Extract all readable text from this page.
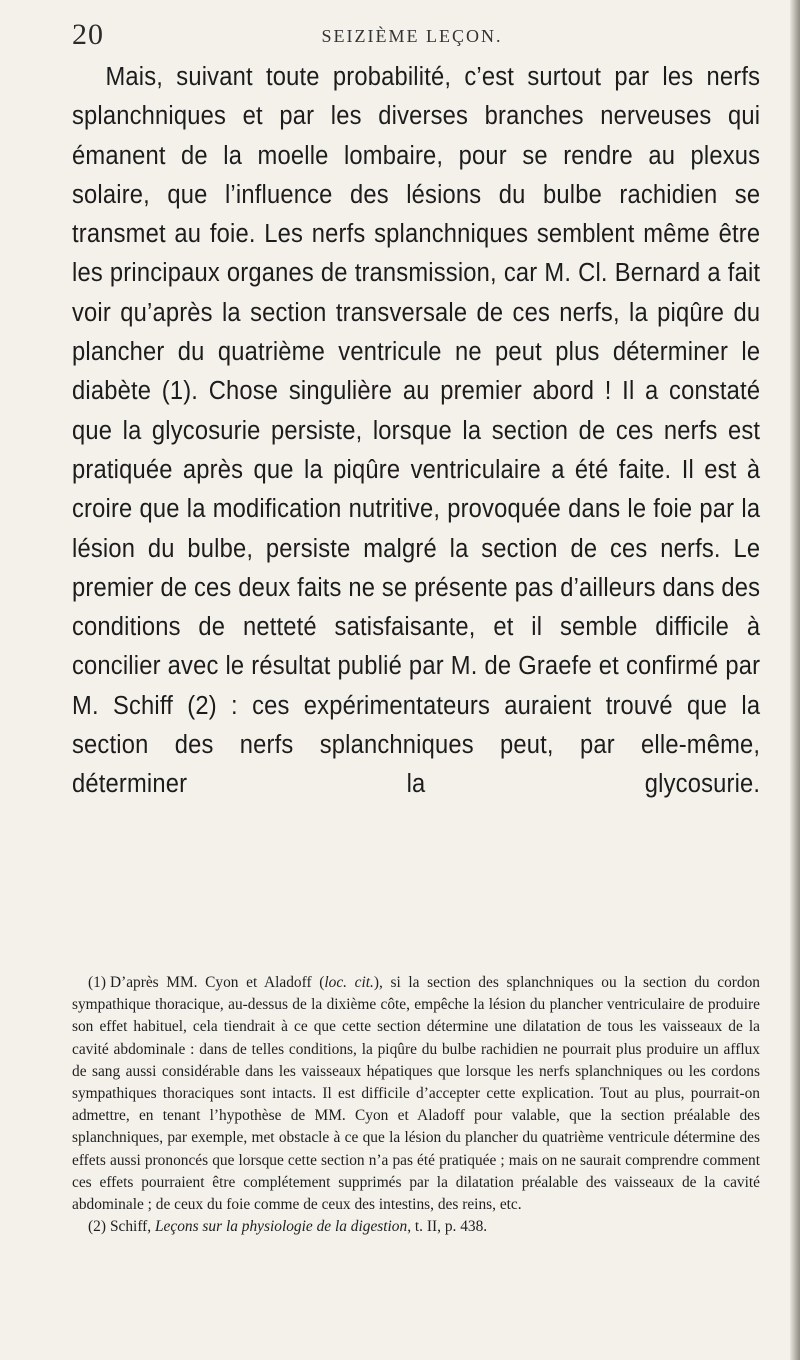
20	SEIZIÈME LEÇON.

Mais, suivant toute probabilité, c’est surtout par les nerfs splanchniques et par les diverses branches nerveuses qui émanent de la moelle lombaire, pour se rendre au plexus solaire, que l’influence des lésions du bulbe rachidien se transmet au foie. Les nerfs splanchniques semblent même être les principaux organes de transmission, car M. Cl. Bernard a fait voir qu’après la section transversale de ces nerfs, la piqûre du plancher du quatrième ventricule ne peut plus déterminer le diabète (1). Chose singulière au premier abord ! Il a constaté que la glycosurie persiste, lorsque la section de ces nerfs est pratiquée après que la piqûre ventriculaire a été faite. Il est à croire que la modification nutritive, provoquée dans le foie par la lésion du bulbe, persiste malgré la section de ces nerfs. Le premier de ces deux faits ne se présente pas d’ailleurs dans des conditions de netteté satisfaisante, et il semble difficile à concilier avec le résultat publié par M. de Graefe et confirmé par M. Schiff (2) : ces expérimentateurs auraient trouvé que la section des nerfs splanchniques peut, par elle-même, déterminer la glycosurie.

(1) D’après MM. Cyon et Aladoff (loc. cit.), si la section des splanchniques ou la section du cordon sympathique thoracique, au-dessus de la dixième côte, empêche la lésion du plancher ventriculaire de produire son effet habituel, cela tiendrait à ce que cette section détermine une dilatation de tous les vaisseaux de la cavité abdominale : dans de telles conditions, la piqûre du bulbe rachidien ne pourrait plus produire un afflux de sang aussi considérable dans les vaisseaux hépatiques que lorsque les nerfs splanchniques ou les cordons sympathiques thoraciques sont intacts. Il est difficile d’accepter cette explication. Tout au plus, pourrait-on admettre, en tenant l’hypothèse de MM. Cyon et Aladoff pour valable, que la section préalable des splanchniques, par exemple, met obstacle à ce que la lésion du plancher du quatrième ventricule détermine des effets aussi prononcés que lorsque cette section n’a pas été pratiquée ; mais on ne saurait comprendre comment ces effets pourraient être complétement supprimés par la dilatation préalable des vaisseaux de la cavité abdominale ; de ceux du foie comme de ceux des intestins, des reins, etc.

(2) Schiff, Leçons sur la physiologie de la digestion, t. II, p. 438.
